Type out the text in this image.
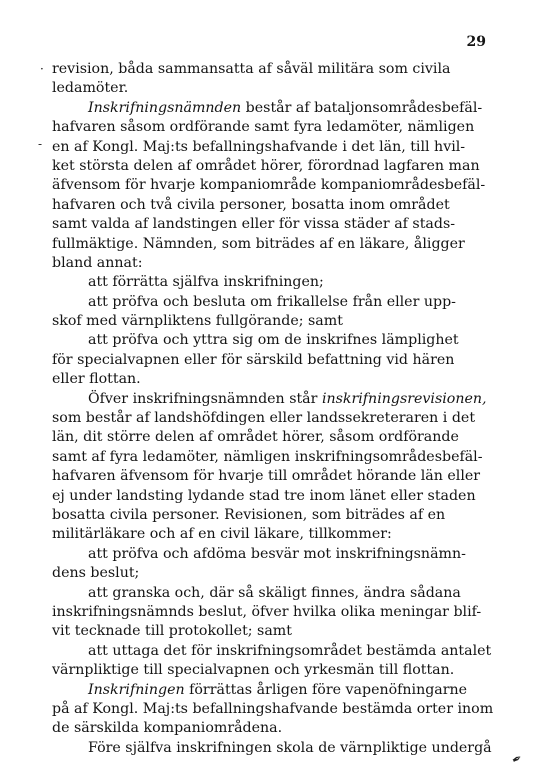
29
revision, båda sammansatta af såväl militära som civila
ledamöter.
Inskrifningsnämnden består af bataljonsområdesbefäl-
hafvaren såsom ordförande samt fyra ledamöter, nämligen
en af Kongl. Maj:ts befallningshafvande i det län, till hvil-
ket största delen af området hörer, förordnad lagfaren man
äfvensom för hvarje kompaniområde kompaniområdesbefäl-
hafvaren och två civila personer, bosatta inom området
samt valda af landstingen eller för vissa städer af stads-
fullmäktige. Nämnden, som biträdes af en läkare, åligger
bland annat:
att förrätta själfva inskrifningen;
att pröfva och besluta om frikallelse från eller upp-
skof med värnpliktens fullgörande; samt
att pröfva och yttra sig om de inskrifnes lämplighet
för specialvapnen eller för särskild befattning vid hären
eller flottan.
Öfver inskrifningsnämnden står inskrifningsrevisionen,
som består af landshöfdingen eller landssekreteraren i det
län, dit större delen af området hörer, såsom ordförande
samt af fyra ledamöter, nämligen inskrifningsområdesbefäl-
hafvaren äfvensom för hvarje till området hörande län eller
ej under landsting lydande stad tre inom länet eller staden
bosatta civila personer. Revisionen, som biträdes af en
militärläkare och af en civil läkare, tillkommer:
att pröfva och afdöma besvär mot inskrifningsnämn-
dens beslut;
att granska och, där så skäligt finnes, ändra sådana
inskrifningsnämnds beslut, öfver hvilka olika meningar blif-
vit tecknade till protokollet; samt
att uttaga det för inskrifningsområdet bestämda antalet
värnpliktige till specialvapnen och yrkesmän till flottan.
Inskrifningen förrättas årligen före vapenöfningarne
på af Kongl. Maj:ts befallningshafvande bestämda orter inom
de särskilda kompaniområdena.
Före själfva inskrifningen skola de värnpliktige undergå
·
-
✒
